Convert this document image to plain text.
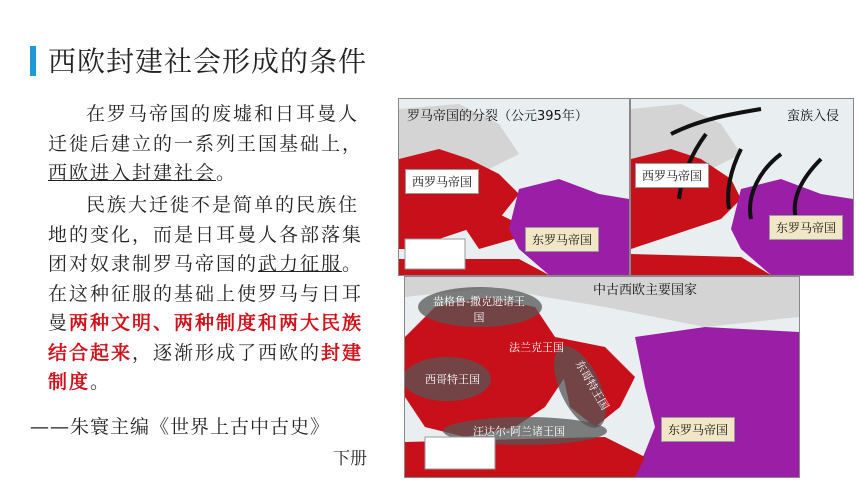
西欧封建社会形成的条件
在罗马帝国的废墟和日耳曼人迁徙后建立的一系列王国基础上，西欧进入封建社会。
民族大迁徙不是简单的民族住地的变化，而是日耳曼人各部落集团对奴隶制罗马帝国的武力征服。在这种征服的基础上使罗马与日耳曼两种文明、两种制度和两大民族结合起来，逐渐形成了西欧的封建制度。
——朱寰主编《世界上古中古史》
下册
罗马帝国的分裂（公元395年）
西罗马帝国
东罗马帝国
蛮族入侵
西罗马帝国
东罗马帝国
中古西欧主要国家
盎格鲁-撒克逊诸王国
法兰克王国
西哥特王国	东哥特王国
汪达尔-阿兰诸王国	东罗马帝国
